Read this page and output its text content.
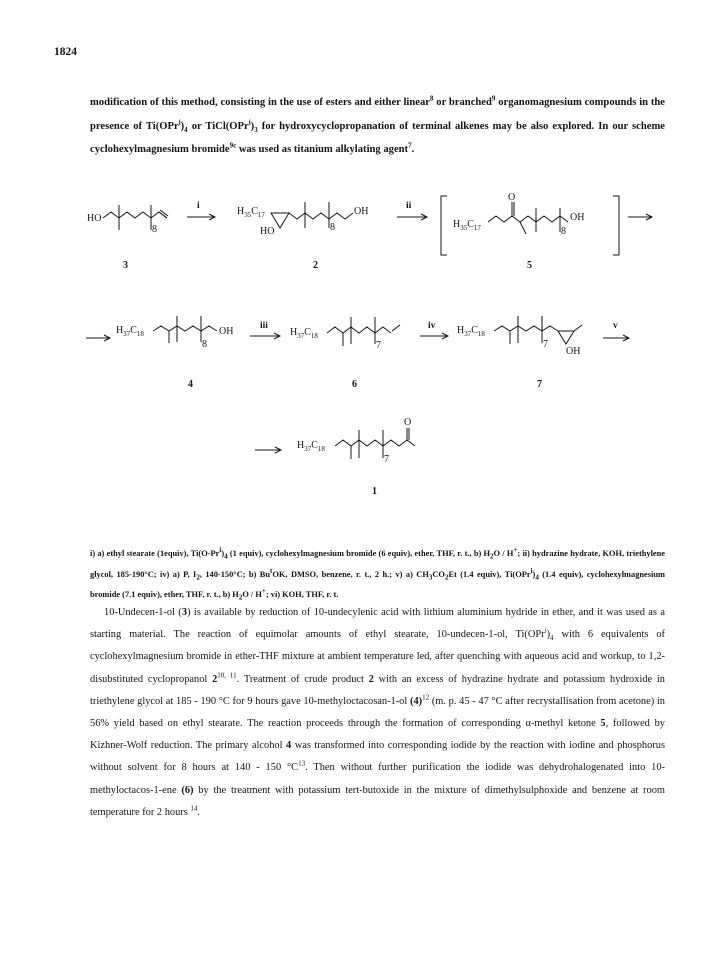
1824

modification of this method, consisting in the use of esters and either linear$^8$ or branched$^9$ organomagnesium compounds in the presence of $Ti(OPr^i)_4$ or $TiCl(OPr^i)_3$ for hydroxycyclopropanation of terminal alkenes may be also explored. In our scheme cyclohexylmagnesium bromide$^{9c}$ was used as titanium alkylating agent$^7$.

HO
8
3
i	$H_{35}C_{17}$
HO	8
OH
2
ii
$H_{35}C_{17}$
O
8
OH
5
$H_{37}C_{18}$
8
OH
4
iii
$H_{37}C_{18}$
7
6
iv $H_{37}C_{18}$
7
OH
7
v
$H_{37}C_{18}$
7
O
1

i) a) ethyl stearate (1equiv), $Ti(O-Pr^i)_4$ (1 equiv), cyclohexylmagnesium bromide (6 equiv), ether, THF, r. t., b) $H_2O / H^+$; ii) hydrazine hydrate, KOH, triethylene glycol, 185-190°C; iv) a) P, $I_2$, 140-150°C; b) Bu$^t$OK, DMSO, benzene, r. t., 2 h.; v) a) $CH_3CO_2Et$ (1.4 equiv), $Ti(OPr^i)_4$ (1.4 equiv), cyclohexylmagnesium bromide (7.1 equiv), ether, THF, r. t., b) $H_2O / H^+$; vi) KOH, THF, r. t.

10-Undecen-1-ol (3) is available by reduction of 10-undecylenic acid with lithium aluminium hydride in ether, and it was used as a starting material. The reaction of equimolar amounts of ethyl stearate, 10-undecen-1-ol, $Ti(OPr^i)_4$ with 6 equivalents of cyclohexylmagnesium bromide in ether-THF mixture at ambient temperature led, after quenching with aqueous acid and workup, to 1,2-disubstituted cyclopropanol 2$^{10, 11}$. Treatment of crude product 2 with an excess of hydrazine hydrate and potassium hydroxide in triethylene glycol at 185 - 190 °C for 9 hours gave 10-methyloctacosan-1-ol $(4)^{12}$ (m. p. 45 - 47 °C after recrystallisation from acetone) in 56% yield based on ethyl stearate. The reaction proceeds through the formation of corresponding α-methyl ketone 5, followed by Kizhner-Wolf reduction. The primary alcohol 4 was transformed into corresponding iodide by the reaction with iodine and phosphorus without solvent for 8 hours at 140 - 150 $^\circ C^{13}$. Then without further purification the iodide was dehydrohalogenated into 10-methyloctacos-1-ene (6) by the treatment with potassium tert-butoxide in the mixture of dimethylsulphoxide and benzene at room temperature for 2 hours $^{14}$.
